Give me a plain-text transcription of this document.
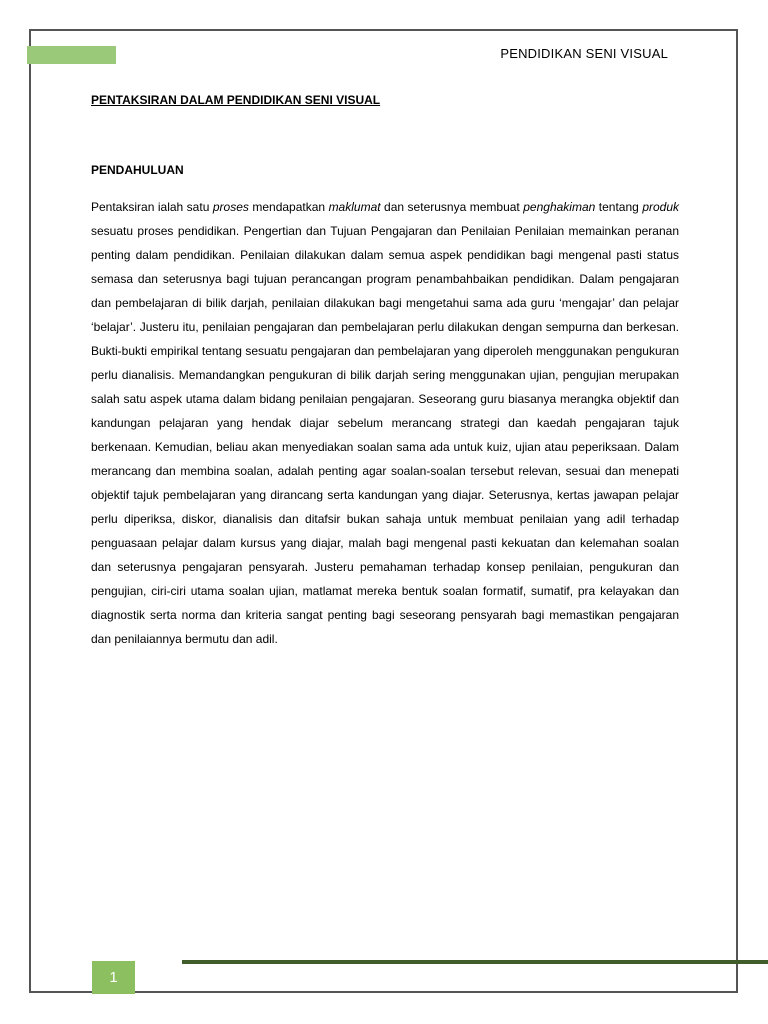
PENDIDIKAN SENI VISUAL
PENTAKSIRAN DALAM PENDIDIKAN SENI VISUAL
PENDAHULUAN
Pentaksiran ialah satu proses mendapatkan maklumat dan seterusnya membuat penghakiman tentang produk sesuatu proses pendidikan. Pengertian dan Tujuan Pengajaran dan Penilaian Penilaian memainkan peranan penting dalam pendidikan. Penilaian dilakukan dalam semua aspek pendidikan bagi mengenal pasti status semasa dan seterusnya bagi tujuan perancangan program penambahbaikan pendidikan. Dalam pengajaran dan pembelajaran di bilik darjah, penilaian dilakukan bagi mengetahui sama ada guru ‘mengajar’ dan pelajar ‘belajar’. Justeru itu, penilaian pengajaran dan pembelajaran perlu dilakukan dengan sempurna dan berkesan. Bukti-bukti empirikal tentang sesuatu pengajaran dan pembelajaran yang diperoleh menggunakan pengukuran perlu dianalisis. Memandangkan pengukuran di bilik darjah sering menggunakan ujian, pengujian merupakan salah satu aspek utama dalam bidang penilaian pengajaran. Seseorang guru biasanya merangka objektif dan kandungan pelajaran yang hendak diajar sebelum merancang strategi dan kaedah pengajaran tajuk berkenaan. Kemudian, beliau akan menyediakan soalan sama ada untuk kuiz, ujian atau peperiksaan. Dalam merancang dan membina soalan, adalah penting agar soalan-soalan tersebut relevan, sesuai dan menepati objektif tajuk pembelajaran yang dirancang serta kandungan yang diajar. Seterusnya, kertas jawapan pelajar perlu diperiksa, diskor, dianalisis dan ditafsir bukan sahaja untuk membuat penilaian yang adil terhadap penguasaan pelajar dalam kursus yang diajar, malah bagi mengenal pasti kekuatan dan kelemahan soalan dan seterusnya pengajaran pensyarah. Justeru pemahaman terhadap konsep penilaian, pengukuran dan pengujian, ciri-ciri utama soalan ujian, matlamat mereka bentuk soalan formatif, sumatif, pra kelayakan dan diagnostik serta norma dan kriteria sangat penting bagi seseorang pensyarah bagi memastikan pengajaran dan penilaiannya bermutu dan adil.
1
